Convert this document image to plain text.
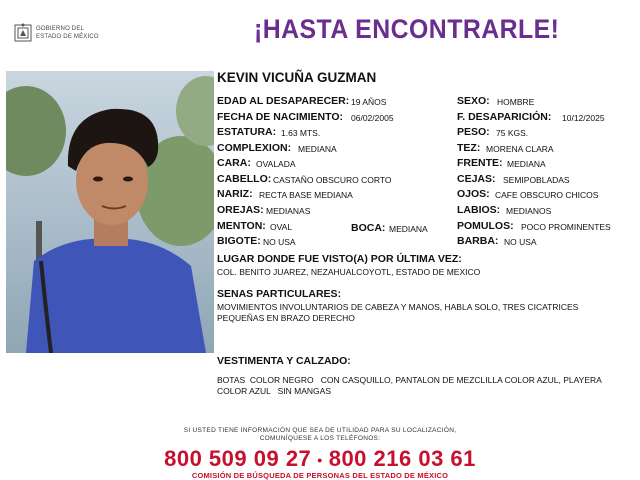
GOBIERNO DEL
ESTADO DE MÉXICO	¡HASTA ENCONTRARLE!
KEVIN VICUÑA GUZMAN
EDAD AL DESAPARECER: 19 AÑOS
FECHA DE NACIMIENTO: 06/02/2005
ESTATURA: 1.63 MTS.
COMPLEXION: MEDIANA
CARA: OVALADA
CABELLO: CASTAÑO OBSCURO CORTO
NARIZ: RECTA BASE MEDIANA
OREJAS: MEDIANAS
MENTON: OVAL	BOCA: MEDIANA
BIGOTE: NO USA
SEXO: HOMBRE
F. DESAPARICIÓN: 10/12/2025
PESO: 75 KGS.
TEZ: MORENA CLARA
FRENTE: MEDIANA
CEJAS: SEMIPOBLADAS
OJOS: CAFE OBSCURO CHICOS
LABIOS: MEDIANOS
POMULOS: POCO PROMINENTES
BARBA: NO USA
LUGAR DONDE FUE VISTO(A) POR ÚLTIMA VEZ:
COL. BENITO JUAREZ, NEZAHUALCOYOTL, ESTADO DE MEXICO
SENAS PARTICULARES:
MOVIMIENTOS INVOLUNTARIOS DE CABEZA Y MANOS, HABLA SOLO, TRES CICATRICES PEQUEÑAS EN BRAZO DERECHO
VESTIMENTA Y CALZADO:
BOTAS  COLOR NEGRO   CON CASQUILLO, PANTALON DE MEZCLILLA COLOR AZUL, PLAYERA  COLOR AZUL   SIN MANGAS
SI USTED TIENE INFORMACIÓN QUE SEA DE UTILIDAD PARA SU LOCALIZACIÓN,
COMUNÍQUESE A LOS TELÉFONOS:
800 509 09 27 • 800 216 03 61
COMISIÓN DE BÚSQUEDA DE PERSONAS DEL ESTADO DE MÉXICO
